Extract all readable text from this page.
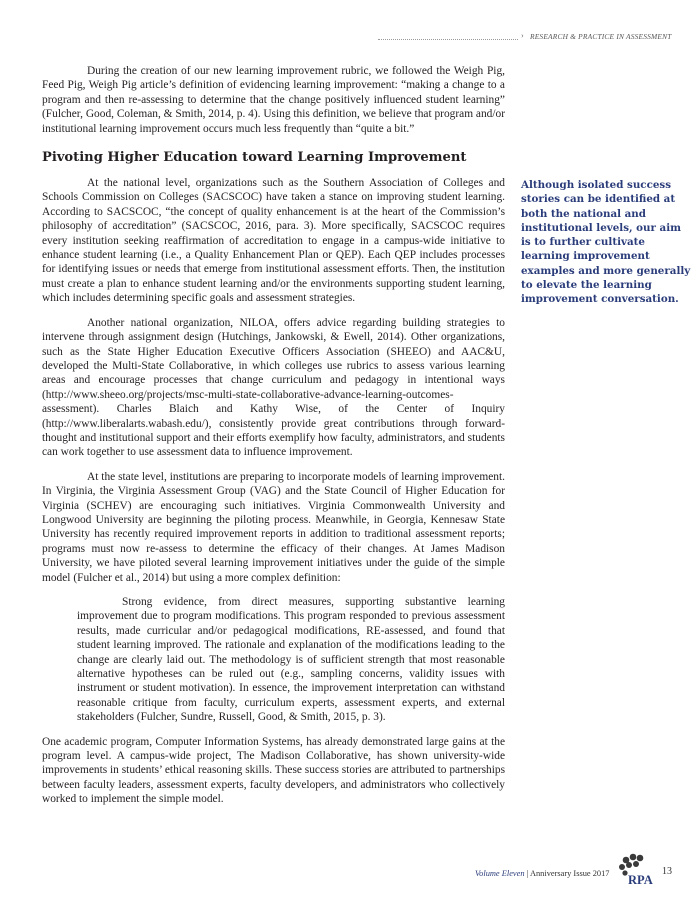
› RESEARCH & PRACTICE IN ASSESSMENT

During the creation of our new learning improvement rubric, we followed the Weigh Pig, Feed Pig, Weigh Pig article’s definition of evidencing learning improvement: “making a change to a program and then re-assessing to determine that the change positively influenced student learning” (Fulcher, Good, Coleman, & Smith, 2014, p. 4). Using this definition, we believe that program and/or institutional learning improvement occurs much less frequently than “quite a bit.”

Pivoting Higher Education toward Learning Improvement

At the national level, organizations such as the Southern Association of Colleges and Schools Commission on Colleges (SACSCOC) have taken a stance on improving student learning. According to SACSCOC, “the concept of quality enhancement is at the heart of the Commission’s philosophy of accreditation” (SACSCOC, 2016, para. 3). More specifically, SACSCOC requires every institution seeking reaffirmation of accreditation to engage in a campus-wide initiative to enhance student learning (i.e., a Quality Enhancement Plan or QEP). Each QEP includes processes for identifying issues or needs that emerge from institutional assessment efforts. Then, the institution must create a plan to enhance student learning and/or the environments supporting student learning, which includes determining specific goals and assessment strategies.

Another national organization, NILOA, offers advice regarding building strategies to intervene through assignment design (Hutchings, Jankowski, & Ewell, 2014). Other organizations, such as the State Higher Education Executive Officers Association (SHEEO) and AAC&U, developed the Multi-State Collaborative, in which colleges use rubrics to assess various learning areas and encourage processes that change curriculum and pedagogy in intentional ways (http://www.sheeo.org/projects/msc-multi-state-collaborative-advance-learning-outcomes-assessment). Charles Blaich and Kathy Wise, of the Center of Inquiry (http://www.liberalarts.wabash.edu/), consistently provide great contributions through forward-thought and institutional support and their efforts exemplify how faculty, administrators, and students can work together to use assessment data to influence improvement.

At the state level, institutions are preparing to incorporate models of learning improvement. In Virginia, the Virginia Assessment Group (VAG) and the State Council of Higher Education for Virginia (SCHEV) are encouraging such initiatives. Virginia Commonwealth University and Longwood University are beginning the piloting process. Meanwhile, in Georgia, Kennesaw State University has recently required improvement reports in addition to traditional assessment reports; programs must now re-assess to determine the efficacy of their changes. At James Madison University, we have piloted several learning improvement initiatives under the guide of the simple model (Fulcher et al., 2014) but using a more complex definition:

Strong evidence, from direct measures, supporting substantive learning improvement due to program modifications. This program responded to previous assessment results, made curricular and/or pedagogical modifications, RE-assessed, and found that student learning improved. The rationale and explanation of the modifications leading to the change are clearly laid out. The methodology is of sufficient strength that most reasonable alternative hypotheses can be ruled out (e.g., sampling concerns, validity issues with instrument or student motivation). In essence, the improvement interpretation can withstand reasonable critique from faculty, curriculum experts, assessment experts, and external stakeholders (Fulcher, Sundre, Russell, Good, & Smith, 2015, p. 3).

One academic program, Computer Information Systems, has already demonstrated large gains at the program level. A campus-wide project, The Madison Collaborative, has shown university-wide improvements in students’ ethical reasoning skills. These success stories are attributed to partnerships between faculty leaders, assessment experts, faculty developers, and administrators who collectively worked to implement the simple model.

Although isolated success stories can be identified at both the national and institutional levels, our aim is to further cultivate learning improvement examples and more generally to elevate the learning improvement conversation.
Volume Eleven | Anniversary Issue 2017 RPA
13
